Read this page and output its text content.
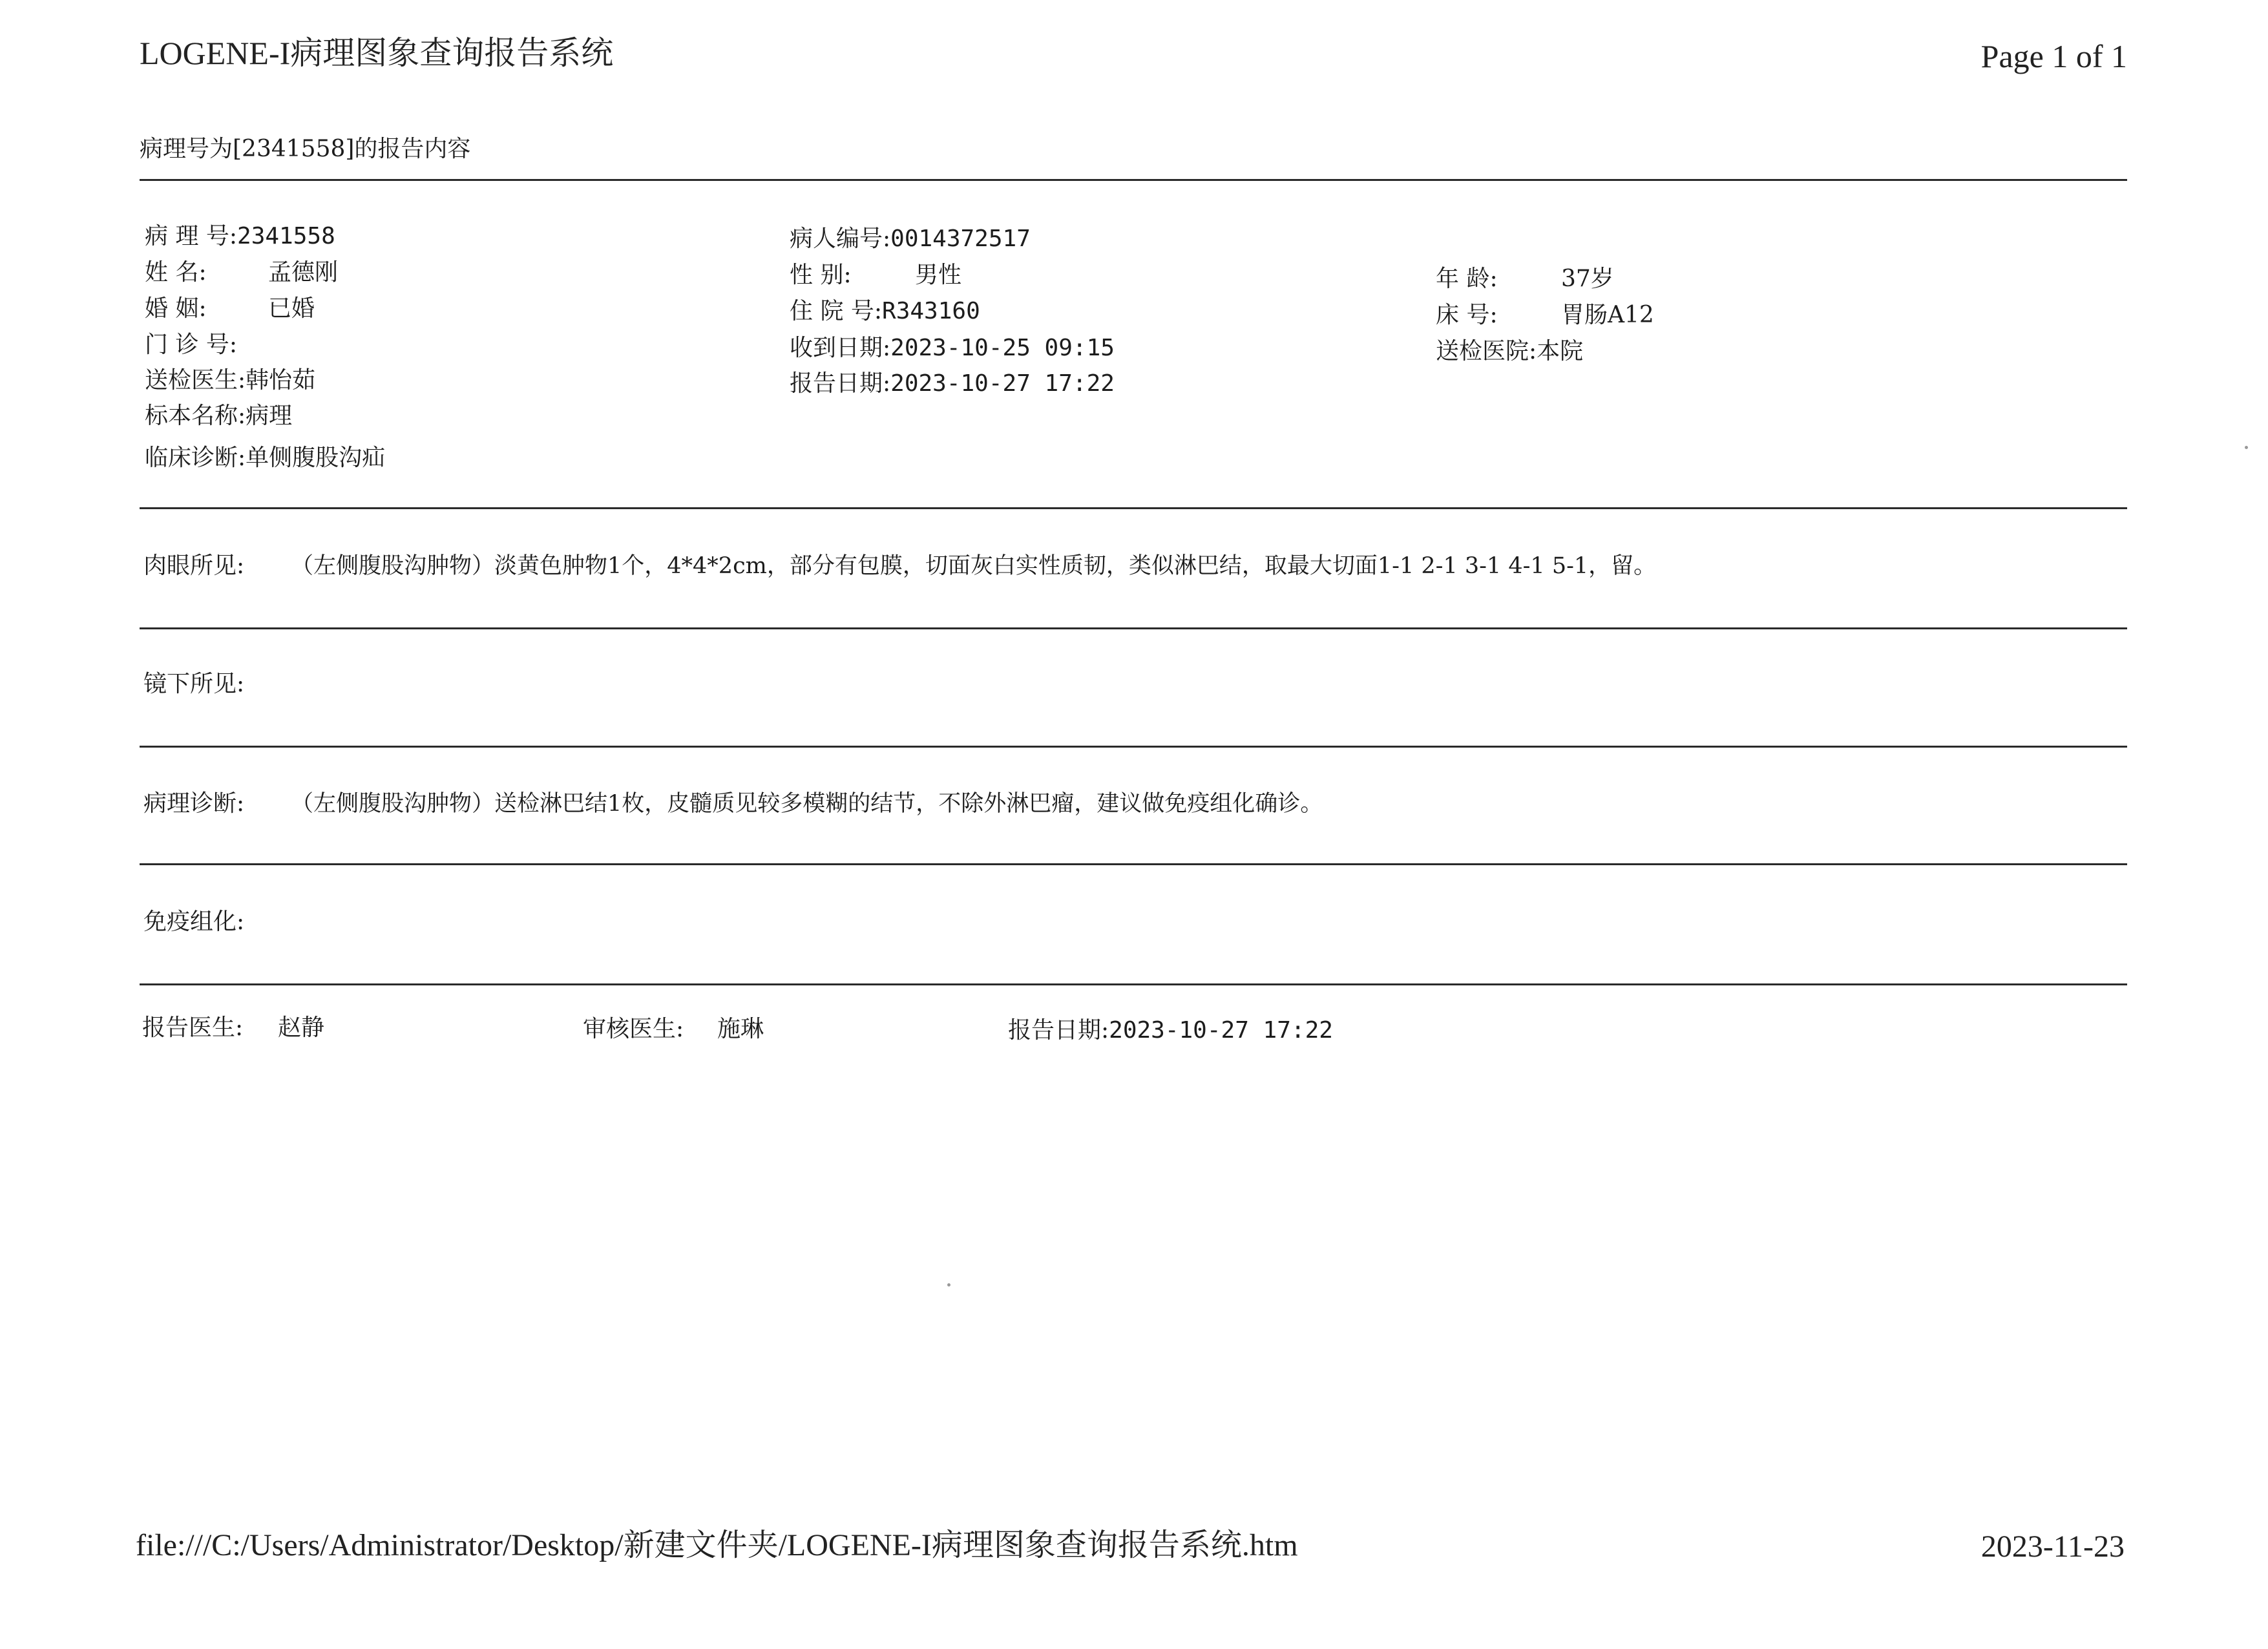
LOGENE-I病理图象查询报告系统	Page 1 of 1
病理号为[2341558]的报告内容
病 理 号:2341558
姓 名:	孟德刚
婚 姻:	已婚
门 诊 号:
送检医生:韩怡茹
标本名称:病理
临床诊断:单侧腹股沟疝
病人编号:0014372517
性 别:	男性
住 院 号:R343160
收到日期:2023-10-25 09:15
报告日期:2023-10-27 17:22
年 龄:	37岁
床 号:	胃肠A12
送检医院:本院
肉眼所见: （左侧腹股沟肿物）淡黄色肿物1个，4*4*2cm，部分有包膜，切面灰白实性质韧，类似淋巴结，取最大切面1-1 2-1 3-1 4-1 5-1，留。
镜下所见:
病理诊断: （左侧腹股沟肿物）送检淋巴结1枚，皮髓质见较多模糊的结节，不除外淋巴瘤，建议做免疫组化确诊。
免疫组化:
报告医生: 赵静	审核医生: 施琳	报告日期:2023-10-27 17:22
file:///C:/Users/Administrator/Desktop/新建文件夹/LOGENE-I病理图象查询报告系统.htm	2023-11-23
